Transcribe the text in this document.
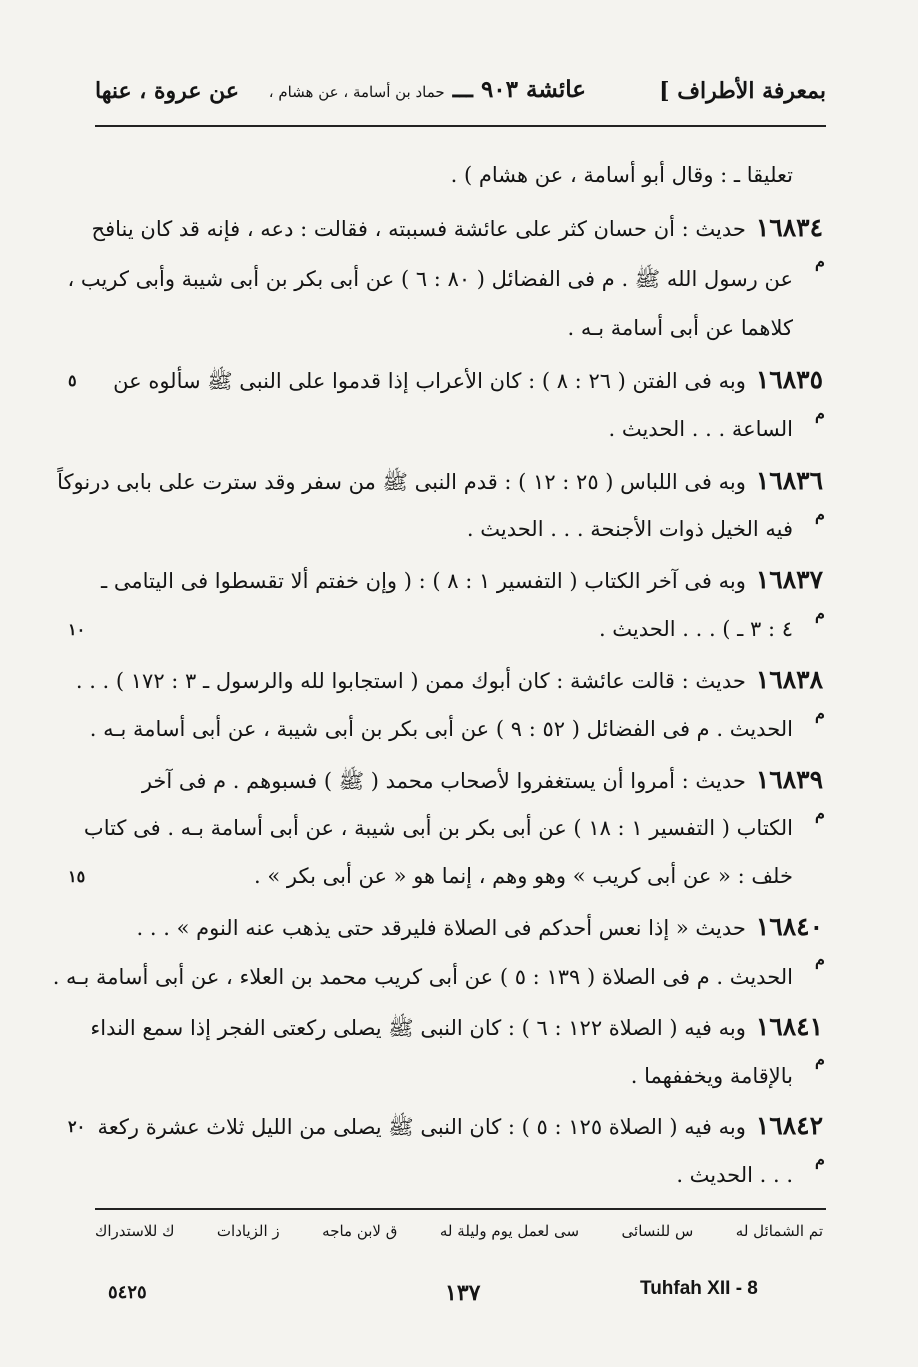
بمعرفة الأطراف ]
عائشة ٩٠٣ ـــ حماد بن أسامة ، عن هشام ،
عن عروة ، عنها
تعليقا ـ : وقال أبو أسامة ، عن هشام ) .
١٦٨٣٤حديث : أن حسان كثر على عائشة فسببته ، فقالت : دعه ، فإنه قد كان ينافح
م
عن رسول الله ﷺ . م فى الفضائل ( ٨٠ : ٦ ) عن أبى بكر بن أبى شيبة وأبى كريب ،
كلاهما عن أبى أسامة بـه .
١٦٨٣٥وبه فى الفتن ( ٢٦ : ٨ ) : كان الأعراب إذا قدموا على النبى ﷺ سألوه عن
٥
م
الساعة . . . الحديث .
١٦٨٣٦وبه فى اللباس ( ٢٥ : ١٢ ) : قدم النبى ﷺ من سفر وقد سترت على بابى درنوكاً
م
فيه الخيل ذوات الأجنحة . . . الحديث .
١٦٨٣٧وبه فى آخر الكتاب ( التفسير ١ : ٨ ) : ( وإن خفتم ألا تقسطوا فى اليتامى ـ
م
٤ : ٣ ـ ) . . . الحديث .
١٠
١٦٨٣٨حديث : قالت عائشة : كان أبوك ممن ( استجابوا لله والرسول ـ ٣ : ١٧٢ ) . . .
م
الحديث . م فى الفضائل ( ٥٢ : ٩ ) عن أبى بكر بن أبى شيبة ، عن أبى أسامة بـه .
١٦٨٣٩حديث : أمروا أن يستغفروا لأصحاب محمد ( ﷺ ) فسبوهم . م فى آخر
م
الكتاب ( التفسير ١ : ١٨ ) عن أبى بكر بن أبى شيبة ، عن أبى أسامة بـه . فى كتاب
خلف : « عن أبى كريب » وهو وهم ، إنما هو « عن أبى بكر » .
١٥
١٦٨٤٠حديث « إذا نعس أحدكم فى الصلاة فليرقد حتى يذهب عنه النوم » . . .
م
الحديث . م فى الصلاة ( ١٣٩ : ٥ ) عن أبى كريب محمد بن العلاء ، عن أبى أسامة بـه .
١٦٨٤١وبه فيه ( الصلاة ١٢٢ : ٦ ) : كان النبى ﷺ يصلى ركعتى الفجر إذا سمع النداء
م
بالإقامة ويخففهما .
١٦٨٤٢وبه فيه ( الصلاة ١٢٥ : ٥ ) : كان النبى ﷺ يصلى من الليل ثلاث عشرة ركعة
٢٠
م
. . . الحديث .
تم الشمائل له
س للنسائى
سى لعمل يوم وليلة له
ق لابن ماجه
ز الزيادات
ك للاستدراك
٥٤٢٥	١٣٧	Tuhfah XII - 8
